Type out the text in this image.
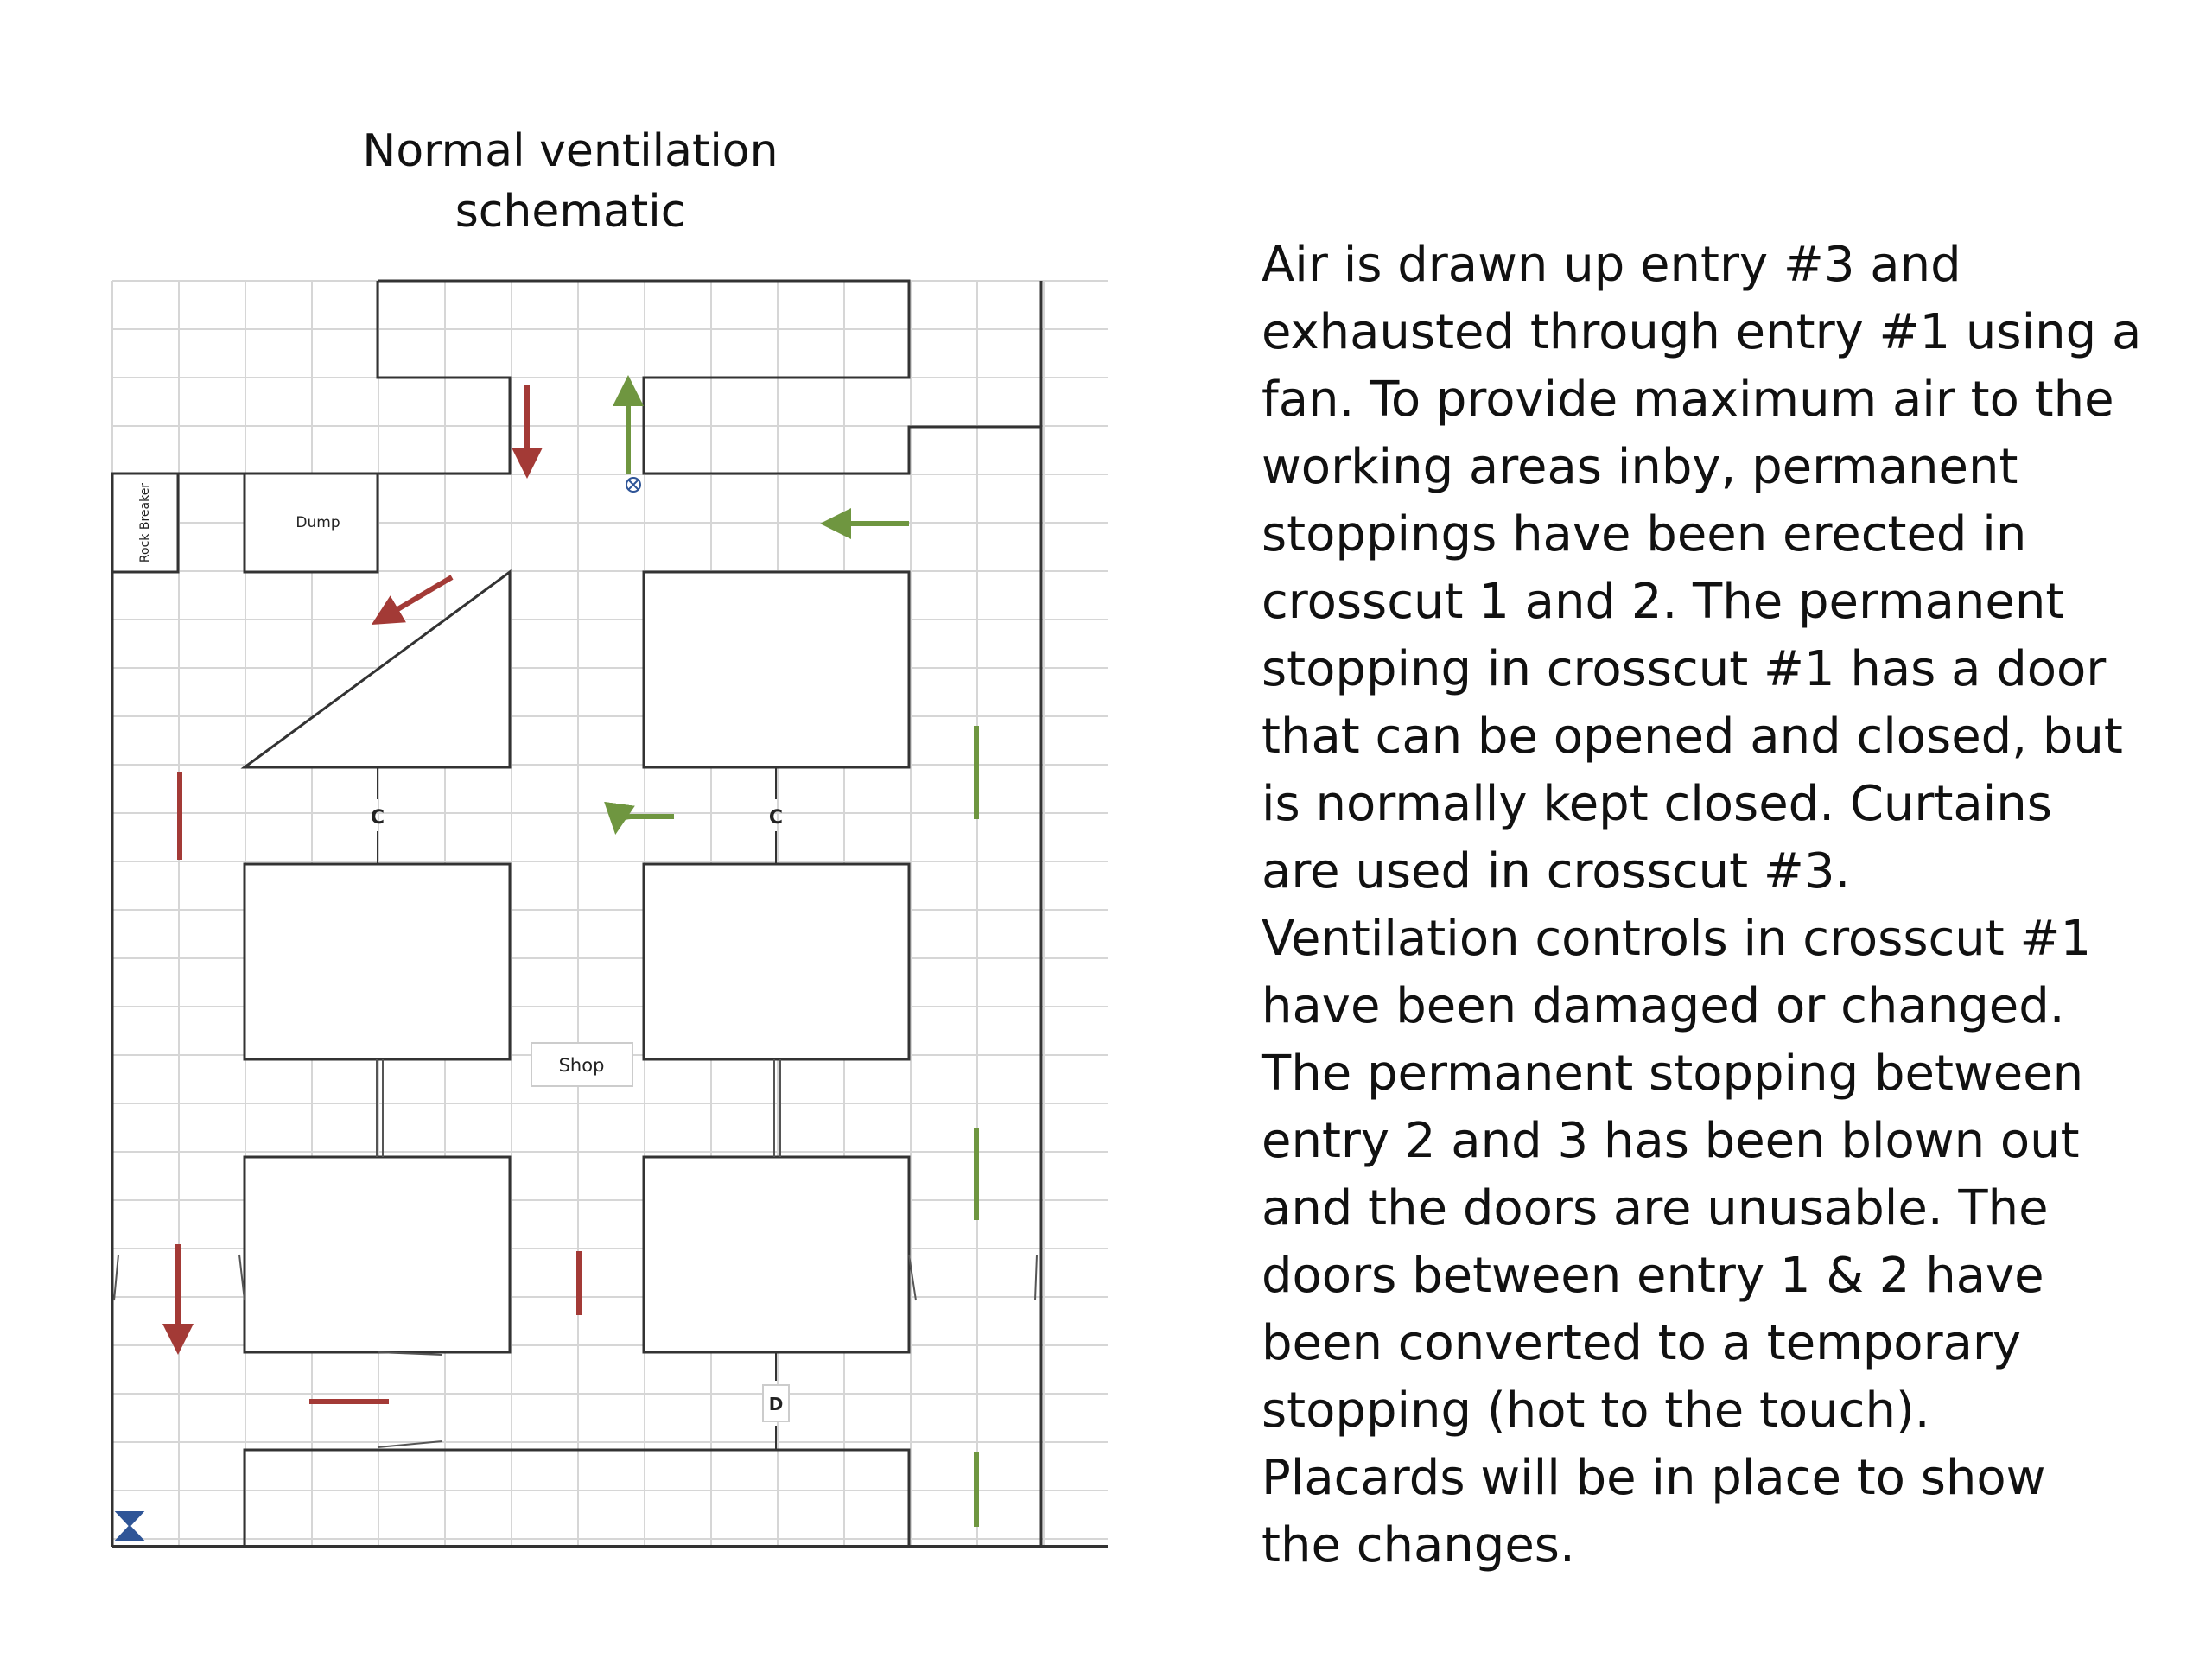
Normal ventilation
schematic
Rock Breaker	Dump
C	C
Shop
D
Air is drawn up entry #3 and
exhausted through entry #1 using a
fan. To provide maximum air to the
working areas inby, permanent
stoppings have been erected in
crosscut 1 and 2. The permanent
stopping in crosscut #1 has a door
that can be opened and closed, but
is normally kept closed. Curtains
are used in crosscut #3.
Ventilation controls in crosscut #1
have been damaged or changed.
The permanent stopping between
entry 2 and 3 has been blown out
and the doors are unusable. The
doors between entry 1 & 2 have
been converted to a temporary
stopping (hot to the touch).
Placards will be in place to show
the changes.
